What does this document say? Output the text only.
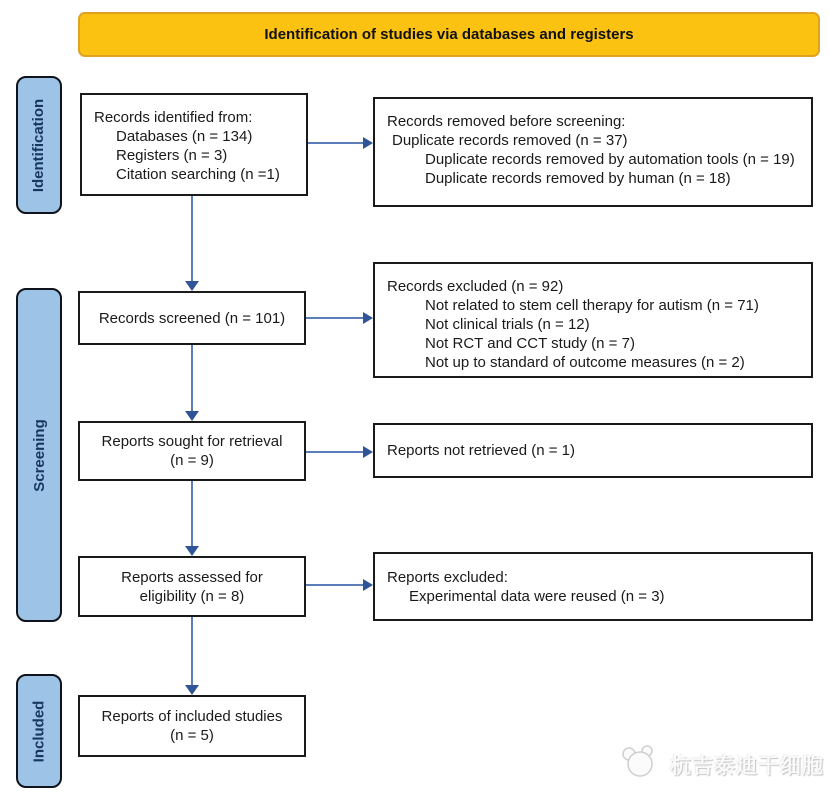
Identification of studies via databases and registers
Identification
Screening
Included
Records identified from:
Databases (n = 134)
Registers (n = 3)
Citation searching (n =1)
Records removed before screening:
Duplicate records removed (n = 37)
Duplicate records removed by automation tools (n = 19)
Duplicate records removed by human (n = 18)
Records screened (n = 101)
Records excluded (n = 92)
Not related to stem cell therapy for autism (n = 71)
Not clinical trials (n = 12)
Not RCT and CCT study (n = 7)
Not up to standard of outcome measures (n = 2)
Reports sought for retrieval
(n = 9)
Reports not retrieved (n = 1)
Reports assessed for
eligibility (n = 8)
Reports excluded:
Experimental data were reused (n = 3)
Reports of included studies
(n = 5)
杭吉泰迪干细胞
